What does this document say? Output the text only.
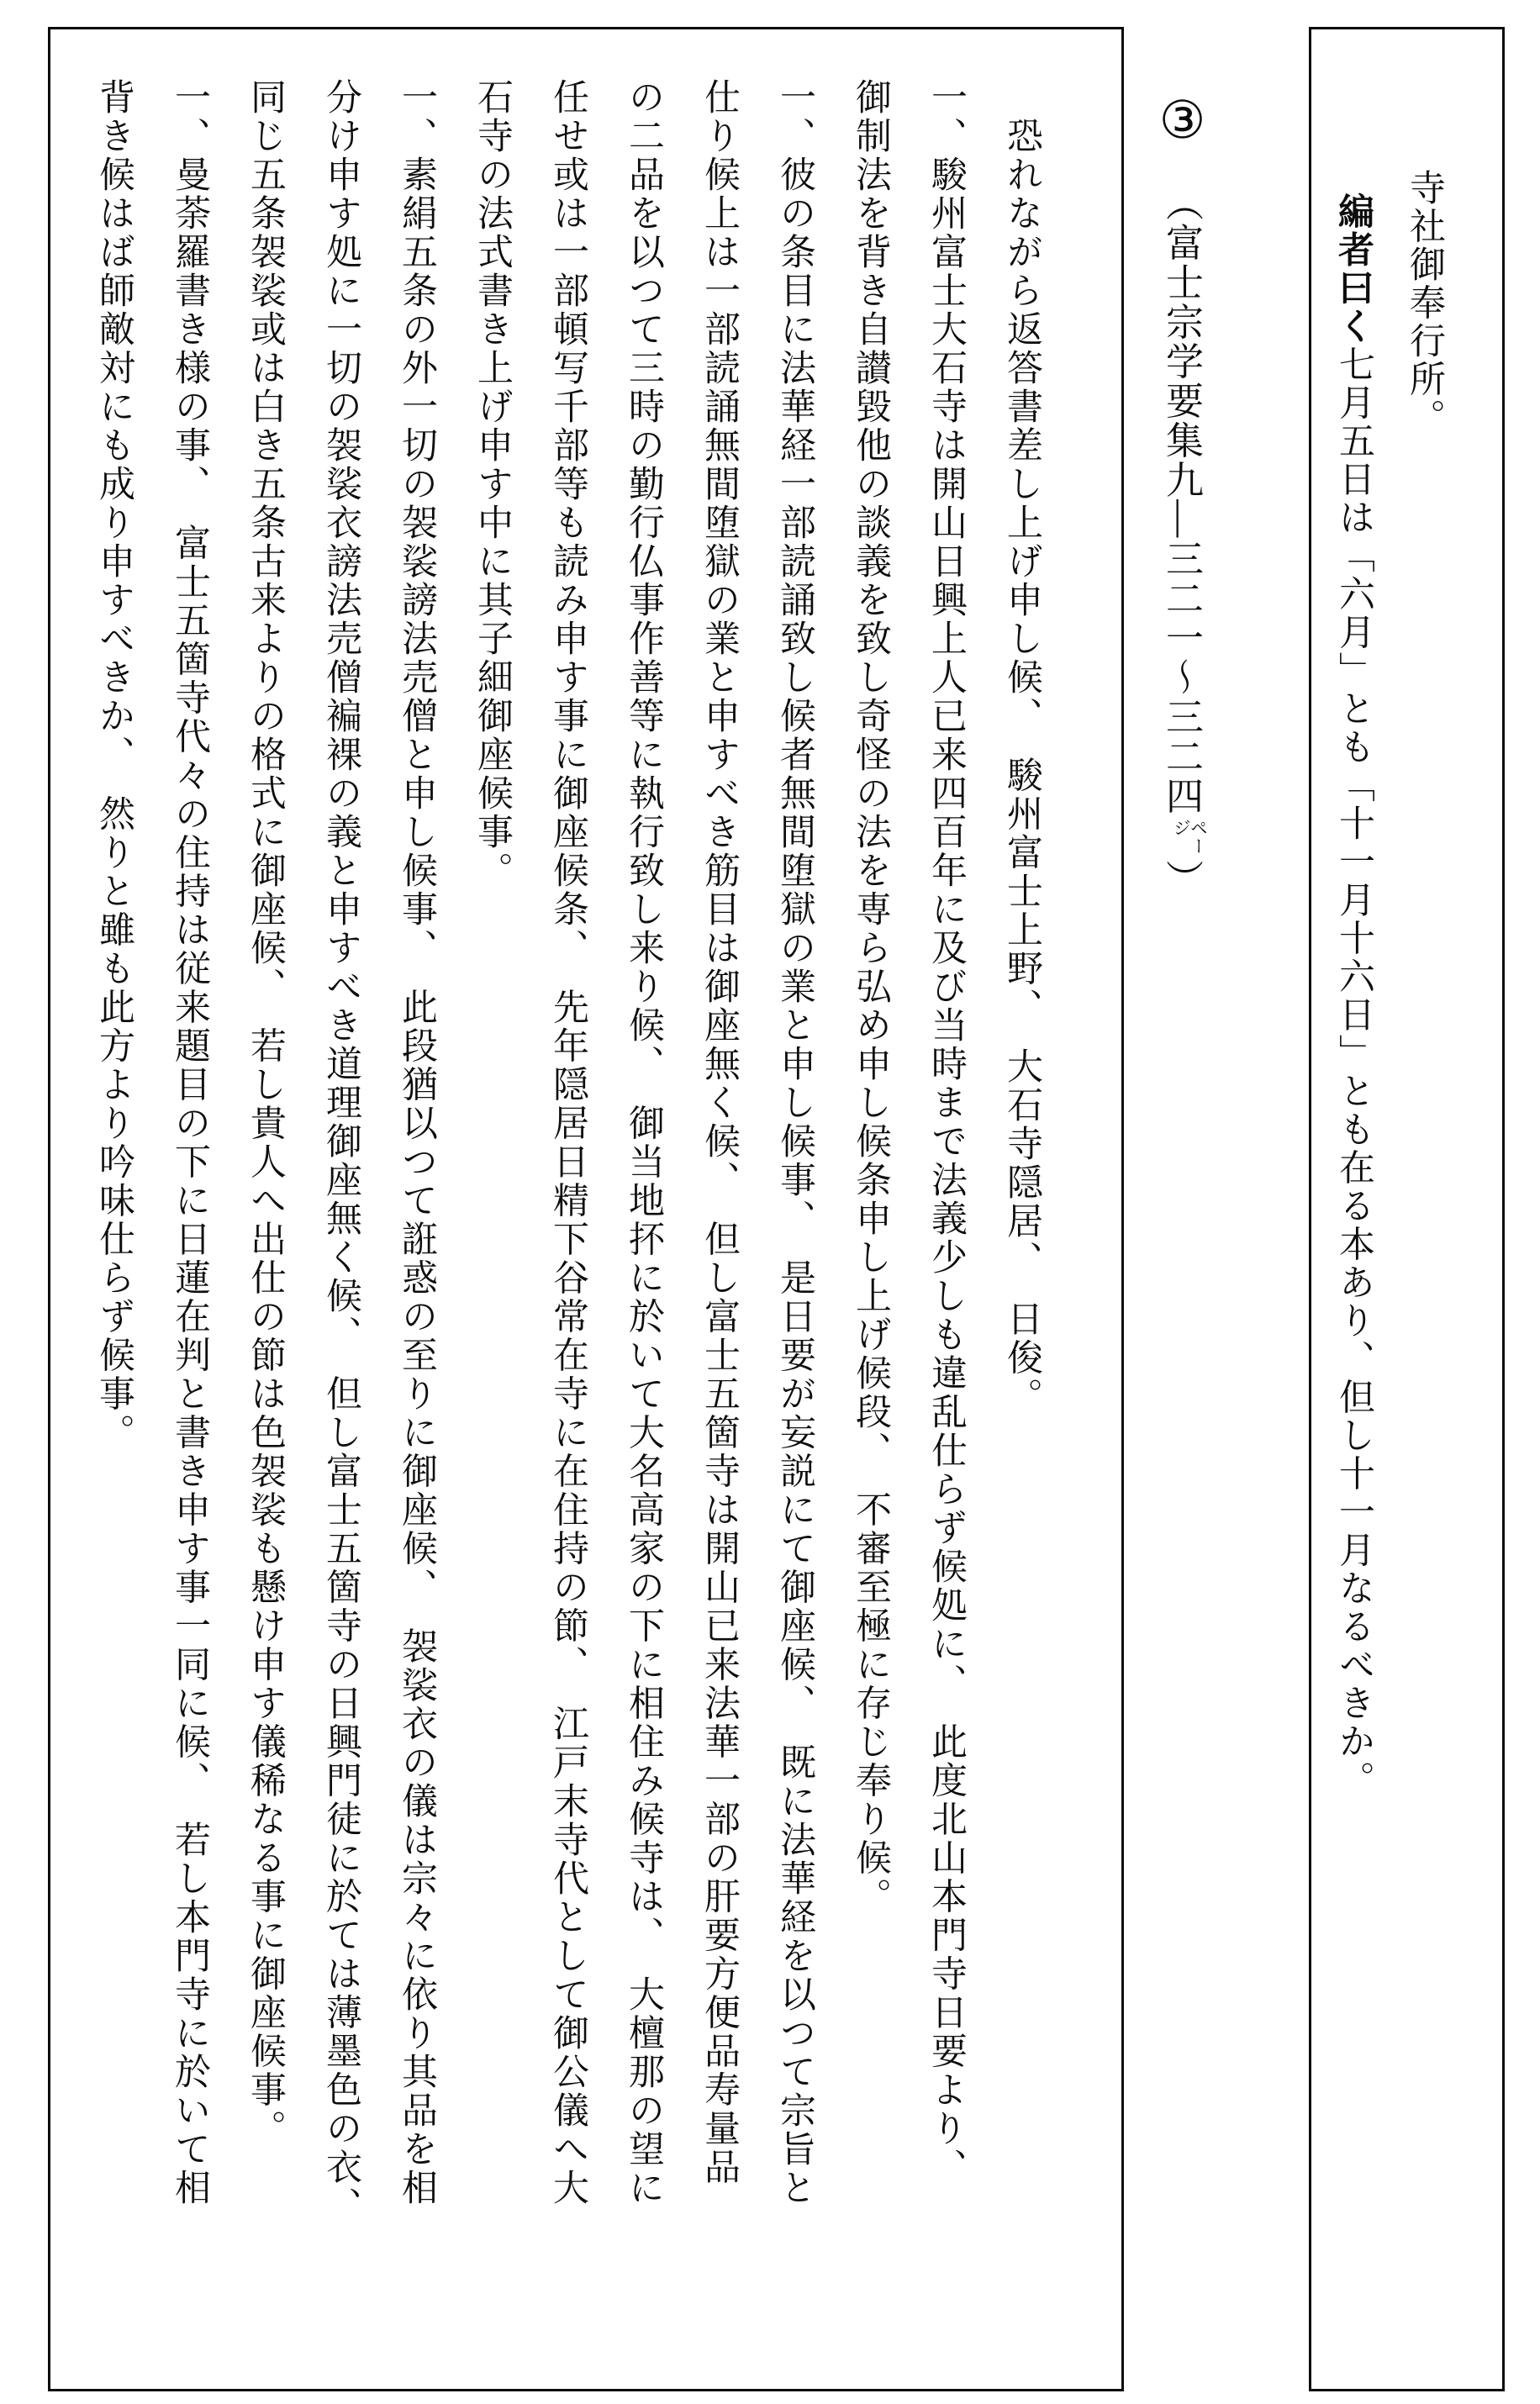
恐れながら返答書差し上げ申し候、　駿州富士上野、　大石寺隠居、　日俊。

一、駿州富士大石寺は開山日興上人已来四百年に及び当時まで法義少しも違乱仕らず候処に、　此度北山本門寺日要より、

御制法を背き自讃毀他の談義を致し奇怪の法を専ら弘め申し候条申し上げ候段、　不審至極に存じ奉り候。

一、彼の条目に法華経一部読誦致し候者無間堕獄の業と申し候事、　是日要が妄説にて御座候、　既に法華経を以つて宗旨と

仕り候上は一部読誦無間堕獄の業と申すべき筋目は御座無く候、　但し富士五箇寺は開山已来法華一部の肝要方便品寿量品

の二品を以つて三時の勤行仏事作善等に執行致し来り候、　御当地抔に於いて大名高家の下に相住み候寺は、　大檀那の望に

任せ或は一部頓写千部等も読み申す事に御座候条、　先年隠居日精下谷常在寺に在住持の節、　江戸末寺代として御公儀へ大

石寺の法式書き上げ申す中に其子細御座候事。

一、素絹五条の外一切の袈裟謗法売僧と申し候事、　此段猶以つて誑惑の至りに御座候、　袈裟衣の儀は宗々に依り其品を相

分け申す処に一切の袈裟衣謗法売僧褊裸の義と申すべき道理御座無く候、　但し富士五箇寺の日興門徒に於ては薄墨色の衣、

同じ五条袈裟或は白き五条古来よりの格式に御座候、　若し貴人へ出仕の節は色袈裟も懸け申す儀稀なる事に御座候事。

一、曼荼羅書き様の事、　富士五箇寺代々の住持は従来題目の下に日蓮在判と書き申す事一同に候、　若し本門寺に於いて相

背き候はば師敵対にも成り申すべきか、　然りと雖も此方より吟味仕らず候事。	③ （富士宗学要集九―三二一〜三二四
ペー
ジ
）

寺社御奉行所。

編者曰く七月五日は「六月」とも「十一月十六日」とも在る本あり、但し十一月なるべきか。
